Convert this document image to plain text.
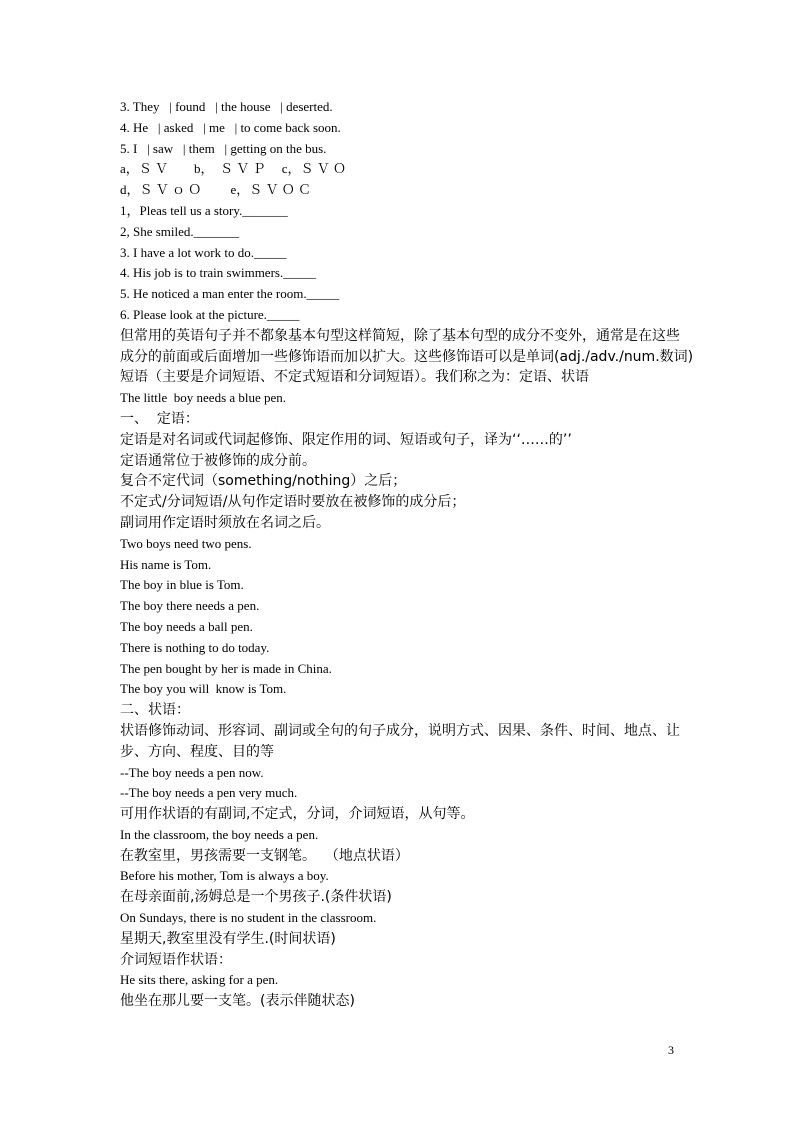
3. They   | found   | the house   | deserted.
4. He   | asked   | me   | to come back soon.
5. I   | saw   | them   | getting on the bus.
a，Ｓ Ｖ        b，  Ｓ Ｖ Ｐ     c，Ｓ Ｖ Ｏ
d，Ｓ Ｖ ｏ Ｏ         e，Ｓ Ｖ Ｏ Ｃ
1，Pleas tell us a story._______
2, She smiled._______
3. I have a lot work to do._____
4. His job is to train swimmers._____
5. He noticed a man enter the room._____
6. Please look at the picture._____
但常用的英语句子并不都象基本句型这样简短，除了基本句型的成分不变外，通常是在这些
成分的前面或后面增加一些修饰语而加以扩大。这些修饰语可以是单词(adj./adv./num.数词)
短语（主要是介词短语、不定式短语和分词短语）。我们称之为：定语、状语
The little  boy needs a blue pen.
一、  定语：
定语是对名词或代词起修饰、限定作用的词、短语或句子，译为‘‘……的’’
定语通常位于被修饰的成分前。
复合不定代词（something/nothing）之后；
不定式/分词短语/从句作定语时要放在被修饰的成分后；
副词用作定语时须放在名词之后。
Two boys need two pens.
His name is Tom.
The boy in blue is Tom.
The boy there needs a pen.
The boy needs a ball pen.
There is nothing to do today.
The pen bought by her is made in China.
The boy you will  know is Tom.
二、状语：
状语修饰动词、形容词、副词或全句的句子成分，说明方式、因果、条件、时间、地点、让
步、方向、程度、目的等
--The boy needs a pen now.
--The boy needs a pen very much.
可用作状语的有副词,不定式，分词，介词短语，从句等。
In the classroom, the boy needs a pen.
在教室里，男孩需要一支钢笔。  （地点状语）
Before his mother, Tom is always a boy.
在母亲面前,汤姆总是一个男孩子.(条件状语)
On Sundays, there is no student in the classroom.
星期天,教室里没有学生.(时间状语)
介词短语作状语：
He sits there, asking for a pen.
他坐在那儿要一支笔。(表示伴随状态)
3
